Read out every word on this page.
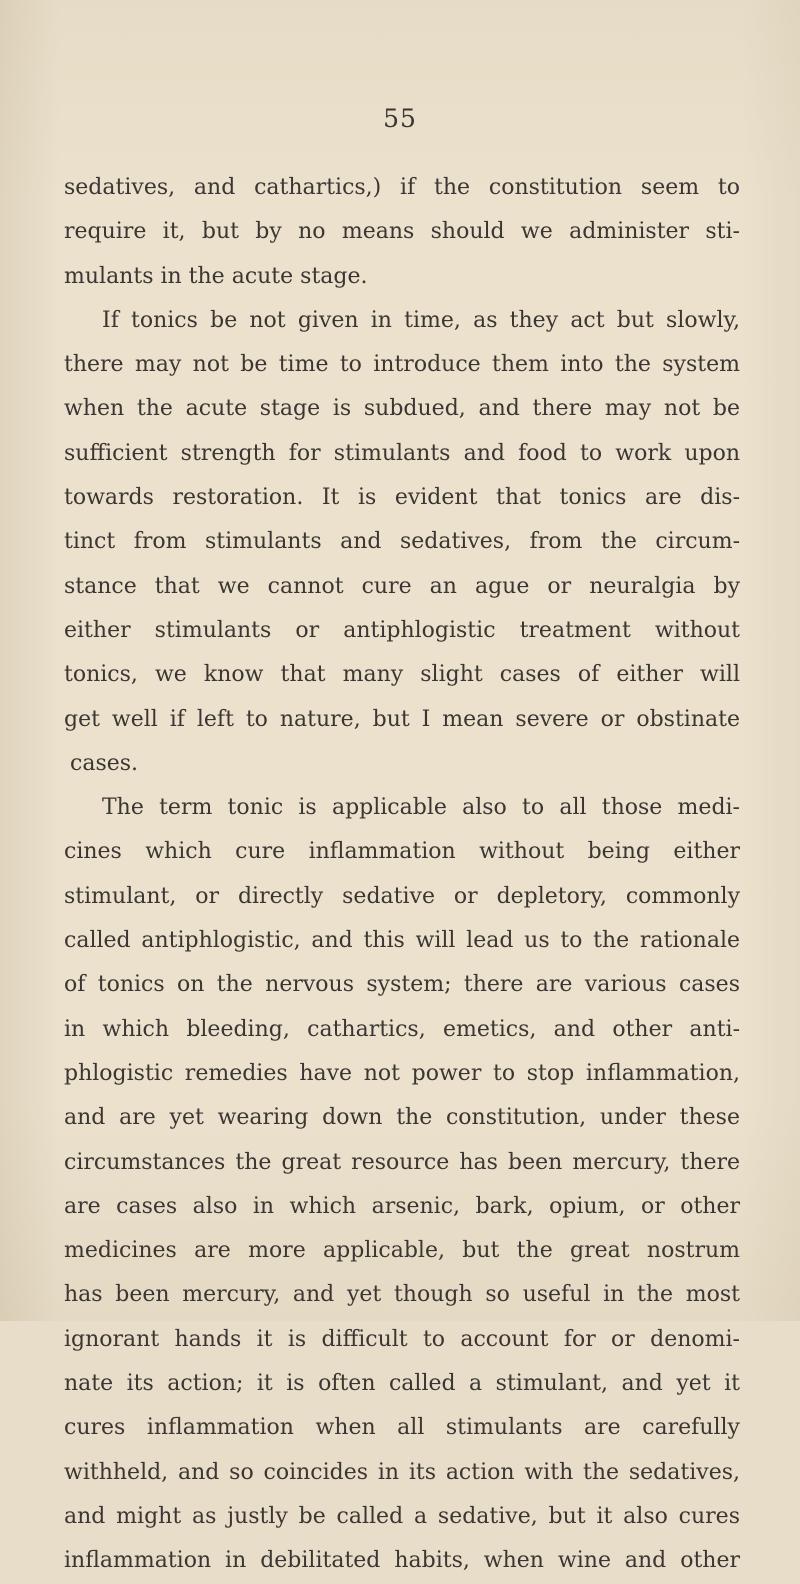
55
sedatives, and cathartics,) if the constitution seem to
require it, but by no means should we administer sti-
mulants in the acute stage.
If tonics be not given in time, as they act but slowly,
there may not be time to introduce them into the system
when the acute stage is subdued, and there may not be
sufficient strength for stimulants and food to work upon
towards restoration. It is evident that tonics are dis-
tinct from stimulants and sedatives, from the circum-
stance that we cannot cure an ague or neuralgia by
either stimulants or antiphlogistic treatment without
tonics, we know that many slight cases of either will
get well if left to nature, but I mean severe or obstinate
cases.
The term tonic is applicable also to all those medi-
cines which cure inflammation without being either
stimulant, or directly sedative or depletory, commonly
called antiphlogistic, and this will lead us to the rationale
of tonics on the nervous system; there are various cases
in which bleeding, cathartics, emetics, and other anti-
phlogistic remedies have not power to stop inflammation,
and are yet wearing down the constitution, under these
circumstances the great resource has been mercury, there
are cases also in which arsenic, bark, opium, or other
medicines are more applicable, but the great nostrum
has been mercury, and yet though so useful in the most
ignorant hands it is difficult to account for or denomi-
nate its action; it is often called a stimulant, and yet it
cures inflammation when all stimulants are carefully
withheld, and so coincides in its action with the sedatives,
and might as justly be called a sedative, but it also cures
inflammation in debilitated habits, when wine and other
